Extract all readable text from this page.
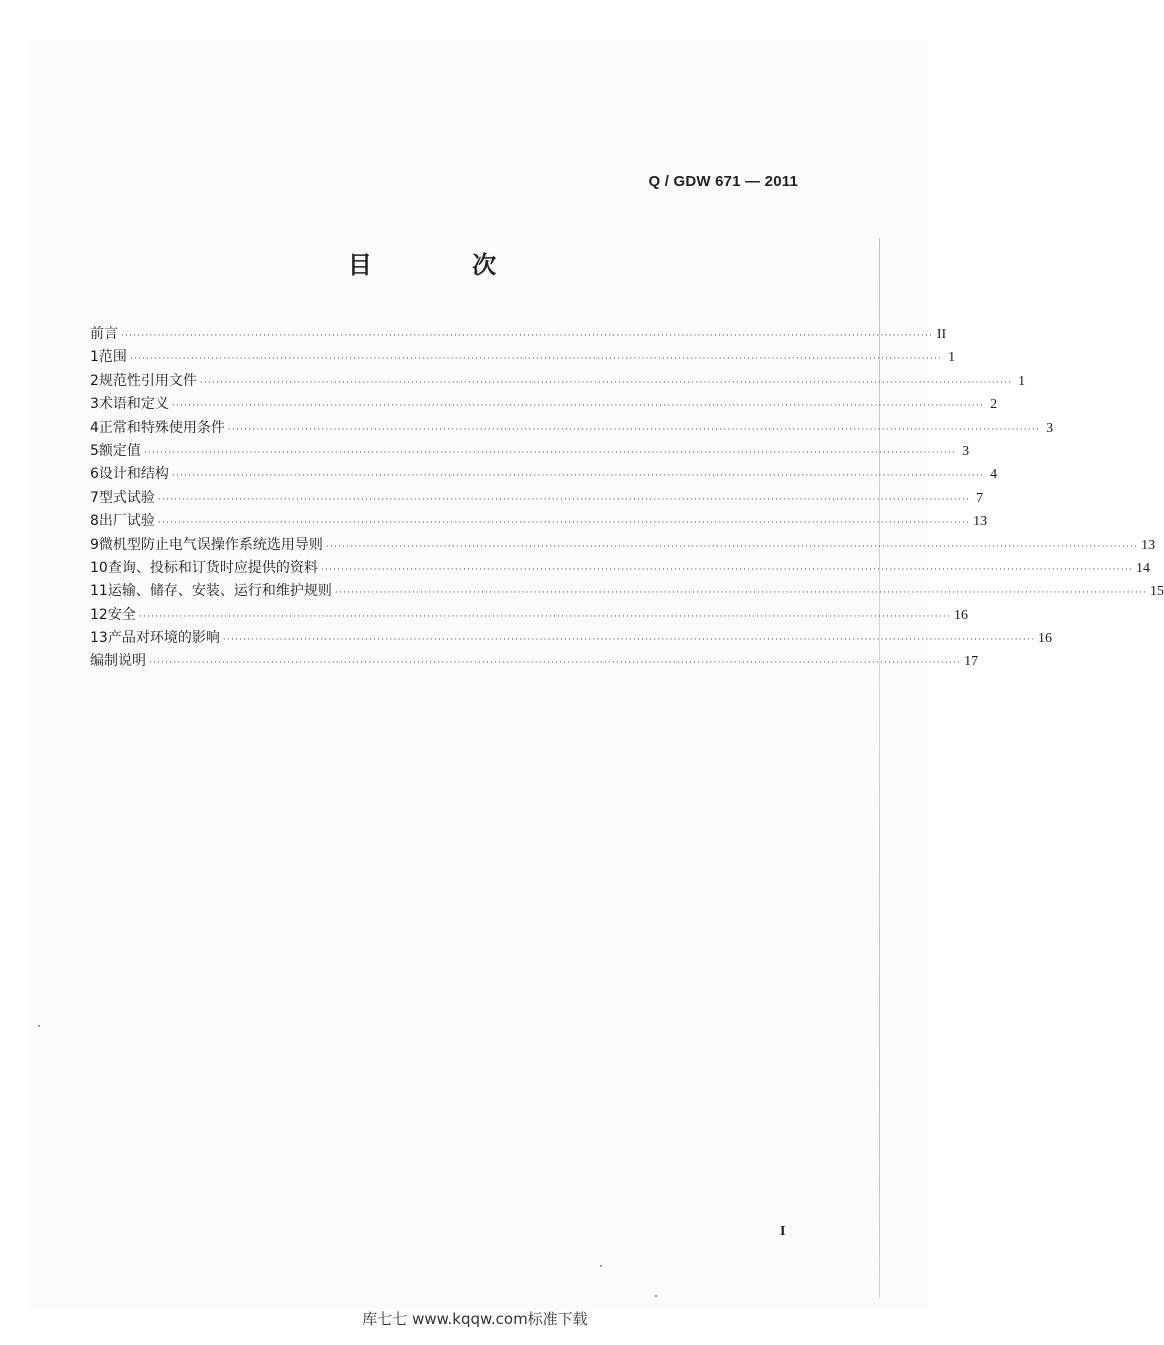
Q / GDW 671 — 2011
目 次
前言 ········································································································································································································ II
1 范围 ········································································································································································································ 1
2 规范性引用文件 ········································································································································································································ 1
3 术语和定义 ········································································································································································································ 2
4 正常和特殊使用条件 ········································································································································································································ 3
5 额定值 ········································································································································································································ 3
6 设计和结构 ········································································································································································································ 4
7 型式试验 ········································································································································································································ 7
8 出厂试验 ········································································································································································································ 13
9 微机型防止电气误操作系统选用导则 ········································································································································································································ 13
10 查询、投标和订货时应提供的资料 ········································································································································································································ 14
11 运输、储存、安装、运行和维护规则 ········································································································································································································ 15
12 安全 ········································································································································································································ 16
13 产品对环境的影响 ········································································································································································································ 16
编制说明 ········································································································································································································ 17
I
库七七 www.kqqw.com标准下载
